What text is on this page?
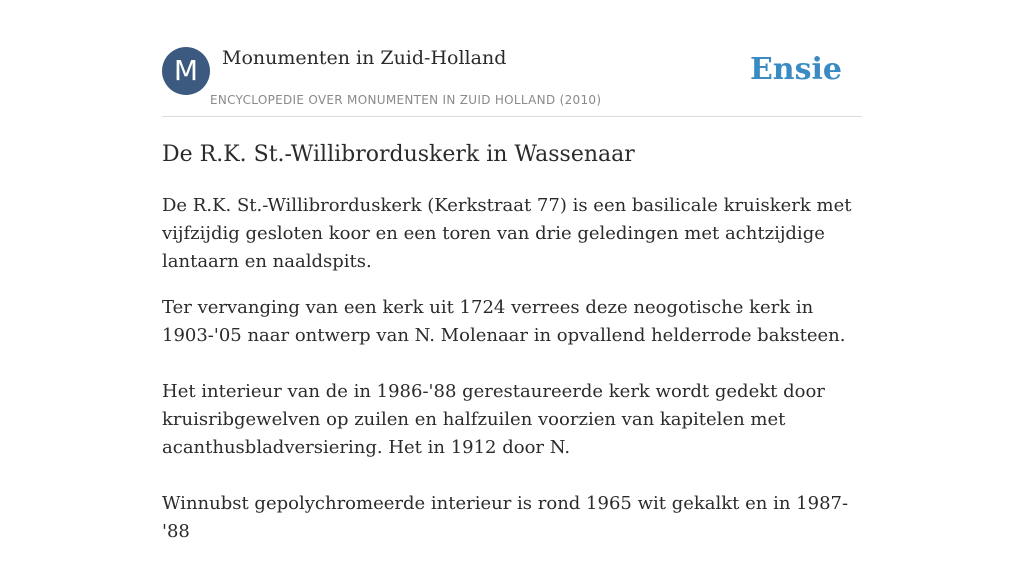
M	Monumenten in Zuid-Holland
ENCYCLOPEDIE OVER MONUMENTEN IN ZUID HOLLAND (2010)
Ensie
De R.K. St.-Willibrorduskerk in Wassenaar

De R.K. St.-Willibrorduskerk (Kerkstraat 77) is een basilicale kruiskerk met vijfzijdig gesloten koor en een toren van drie geledingen met achtzijdige lantaarn en naaldspits.

Ter vervanging van een kerk uit 1724 verrees deze neogotische kerk in 1903-'05 naar ontwerp van N. Molenaar in opvallend helderrode baksteen.

Het interieur van de in 1986-'88 gerestaureerde kerk wordt gedekt door kruisribgewelven op zuilen en halfzuilen voorzien van kapitelen met acanthusbladversiering. Het in 1912 door N.

Winnubst gepolychromeerde interieur is rond 1965 wit gekalkt en in 1987-'88
